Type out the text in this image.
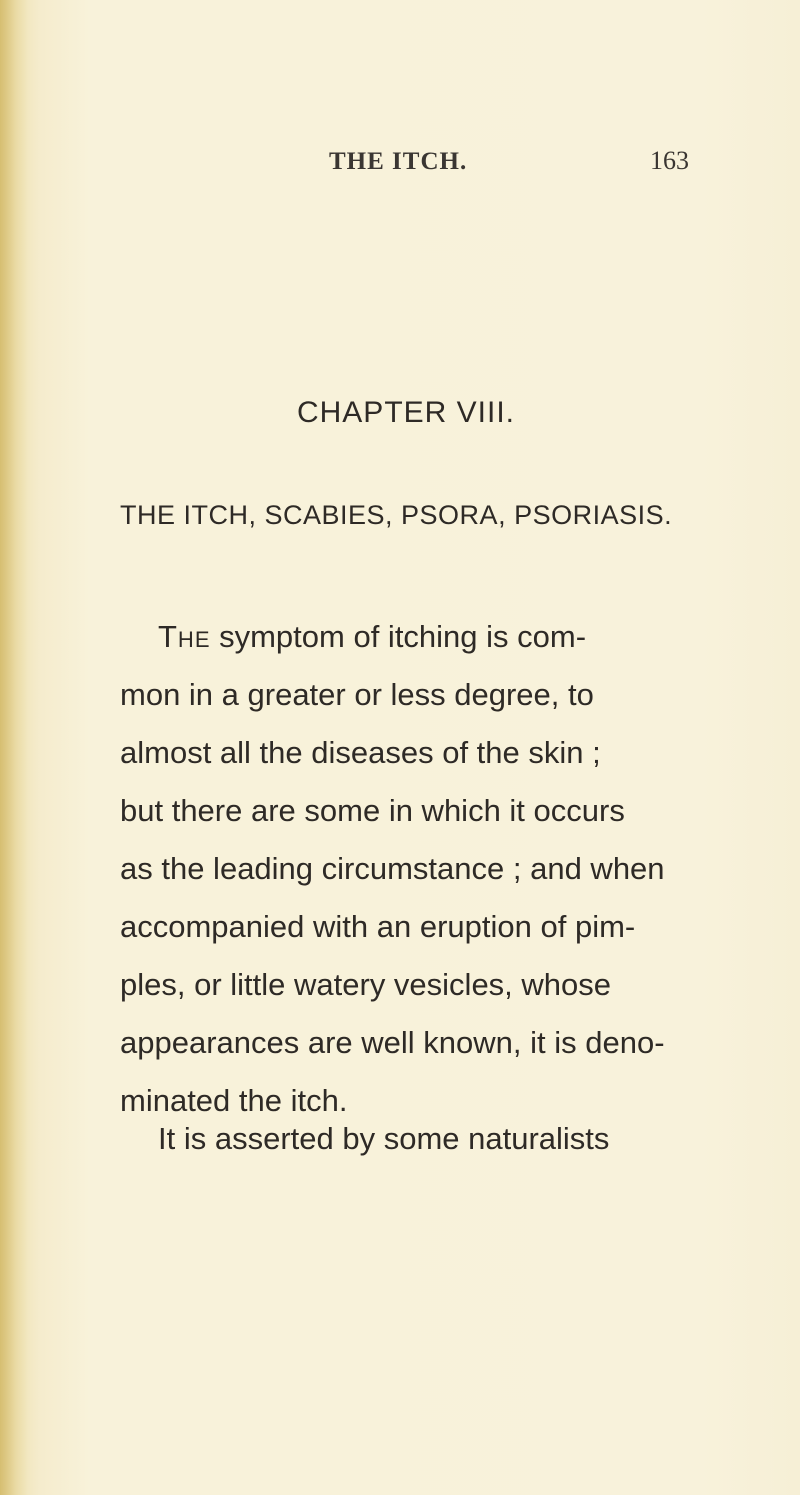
THE ITCH.	163
CHAPTER VIII.
THE ITCH, SCABIES, PSORA, PSORIASIS.
The symptom of itching is com-
mon in a greater or less degree, to
almost all the diseases of the skin ;
but there are some in which it occurs
as the leading circumstance ; and when
accompanied with an eruption of pim-
ples, or little watery vesicles, whose
appearances are well known, it is deno-
minated the itch.
It is asserted by some naturalists
